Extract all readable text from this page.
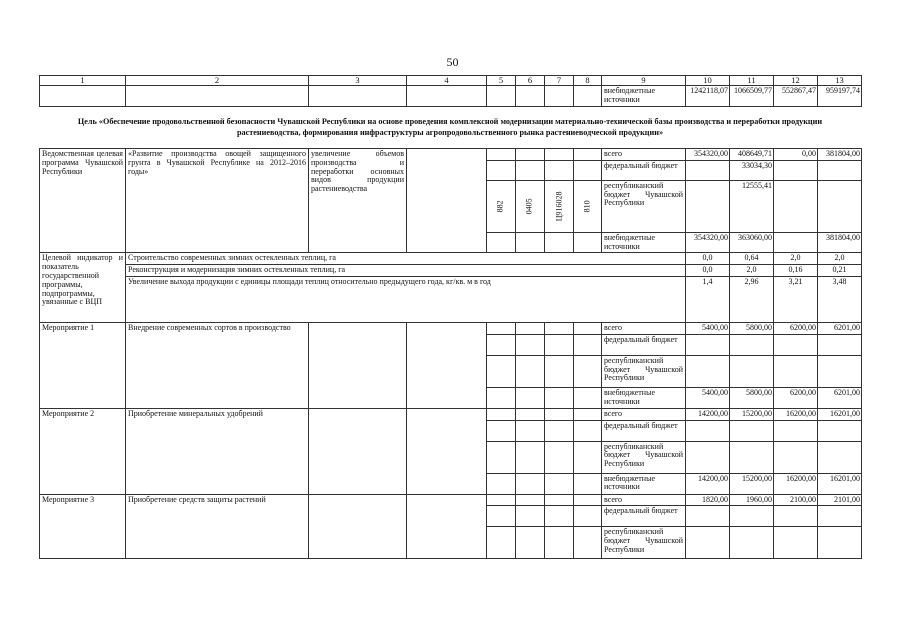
50
1	2	3	4	5	6	7	8	9	10	11	12	13
								внебюджетные источники	1242118,07	1066509,77	552867,47	959197,74
Цель «Обеспечение продовольственной безопасности Чувашской Республики на основе проведения комплексной модернизации материально-технической базы производства и переработки продукции растениеводства, формирования инфраструктуры агропродовольственного рынка растениеводческой продукции»
Ведомственная целевая программа Чувашской Республики	«Развитие производства овощей защищенного грунта в Чувашской Республике на 2012–2016 годы»	увеличение объемов производства и переработки основных видов продукции растениеводства						всего	354320,00	408649,71	0,00	381804,00
								федеральный бюджет		33034,30		
				882	0405	Ц916028	810	республиканский бюджет Чувашской Республики		12555,41		
								внебюджетные источники	354320,00	363060,00		381804,00
Целевой индикатор и показатель государственной программы, подпрограммы, увязанные с ВЦП	Строительство современных зимних остекленных теплиц, га								0,0	0,64	2,0	2,0
	Реконструкция и модернизация зимних остекленных теплиц, га								0,0	2,0	0,16	0,21
	Увеличение выхода продукции с единицы площади теплиц относительно предыдущего года, кг/кв. м в год								1,4	2,96	3,21	3,48
Мероприятие 1	Внедрение современных сортов в производство							всего	5400,00	5800,00	6200,00	6201,00
								федеральный бюджет				
								республиканский бюджет Чувашской Республики				
								внебюджетные источники	5400,00	5800,00	6200,00	6201,00
Мероприятие 2	Приобретение минеральных удобрений							всего	14200,00	15200,00	16200,00	16201,00
								федеральный бюджет				
								республиканский бюджет Чувашской Республики				
								внебюджетные источники	14200,00	15200,00	16200,00	16201,00
Мероприятие 3	Приобретение средств защиты растений							всего	1820,00	1960,00	2100,00	2101,00
								федеральный бюджет				
								республиканский бюджет Чувашской Республики				
